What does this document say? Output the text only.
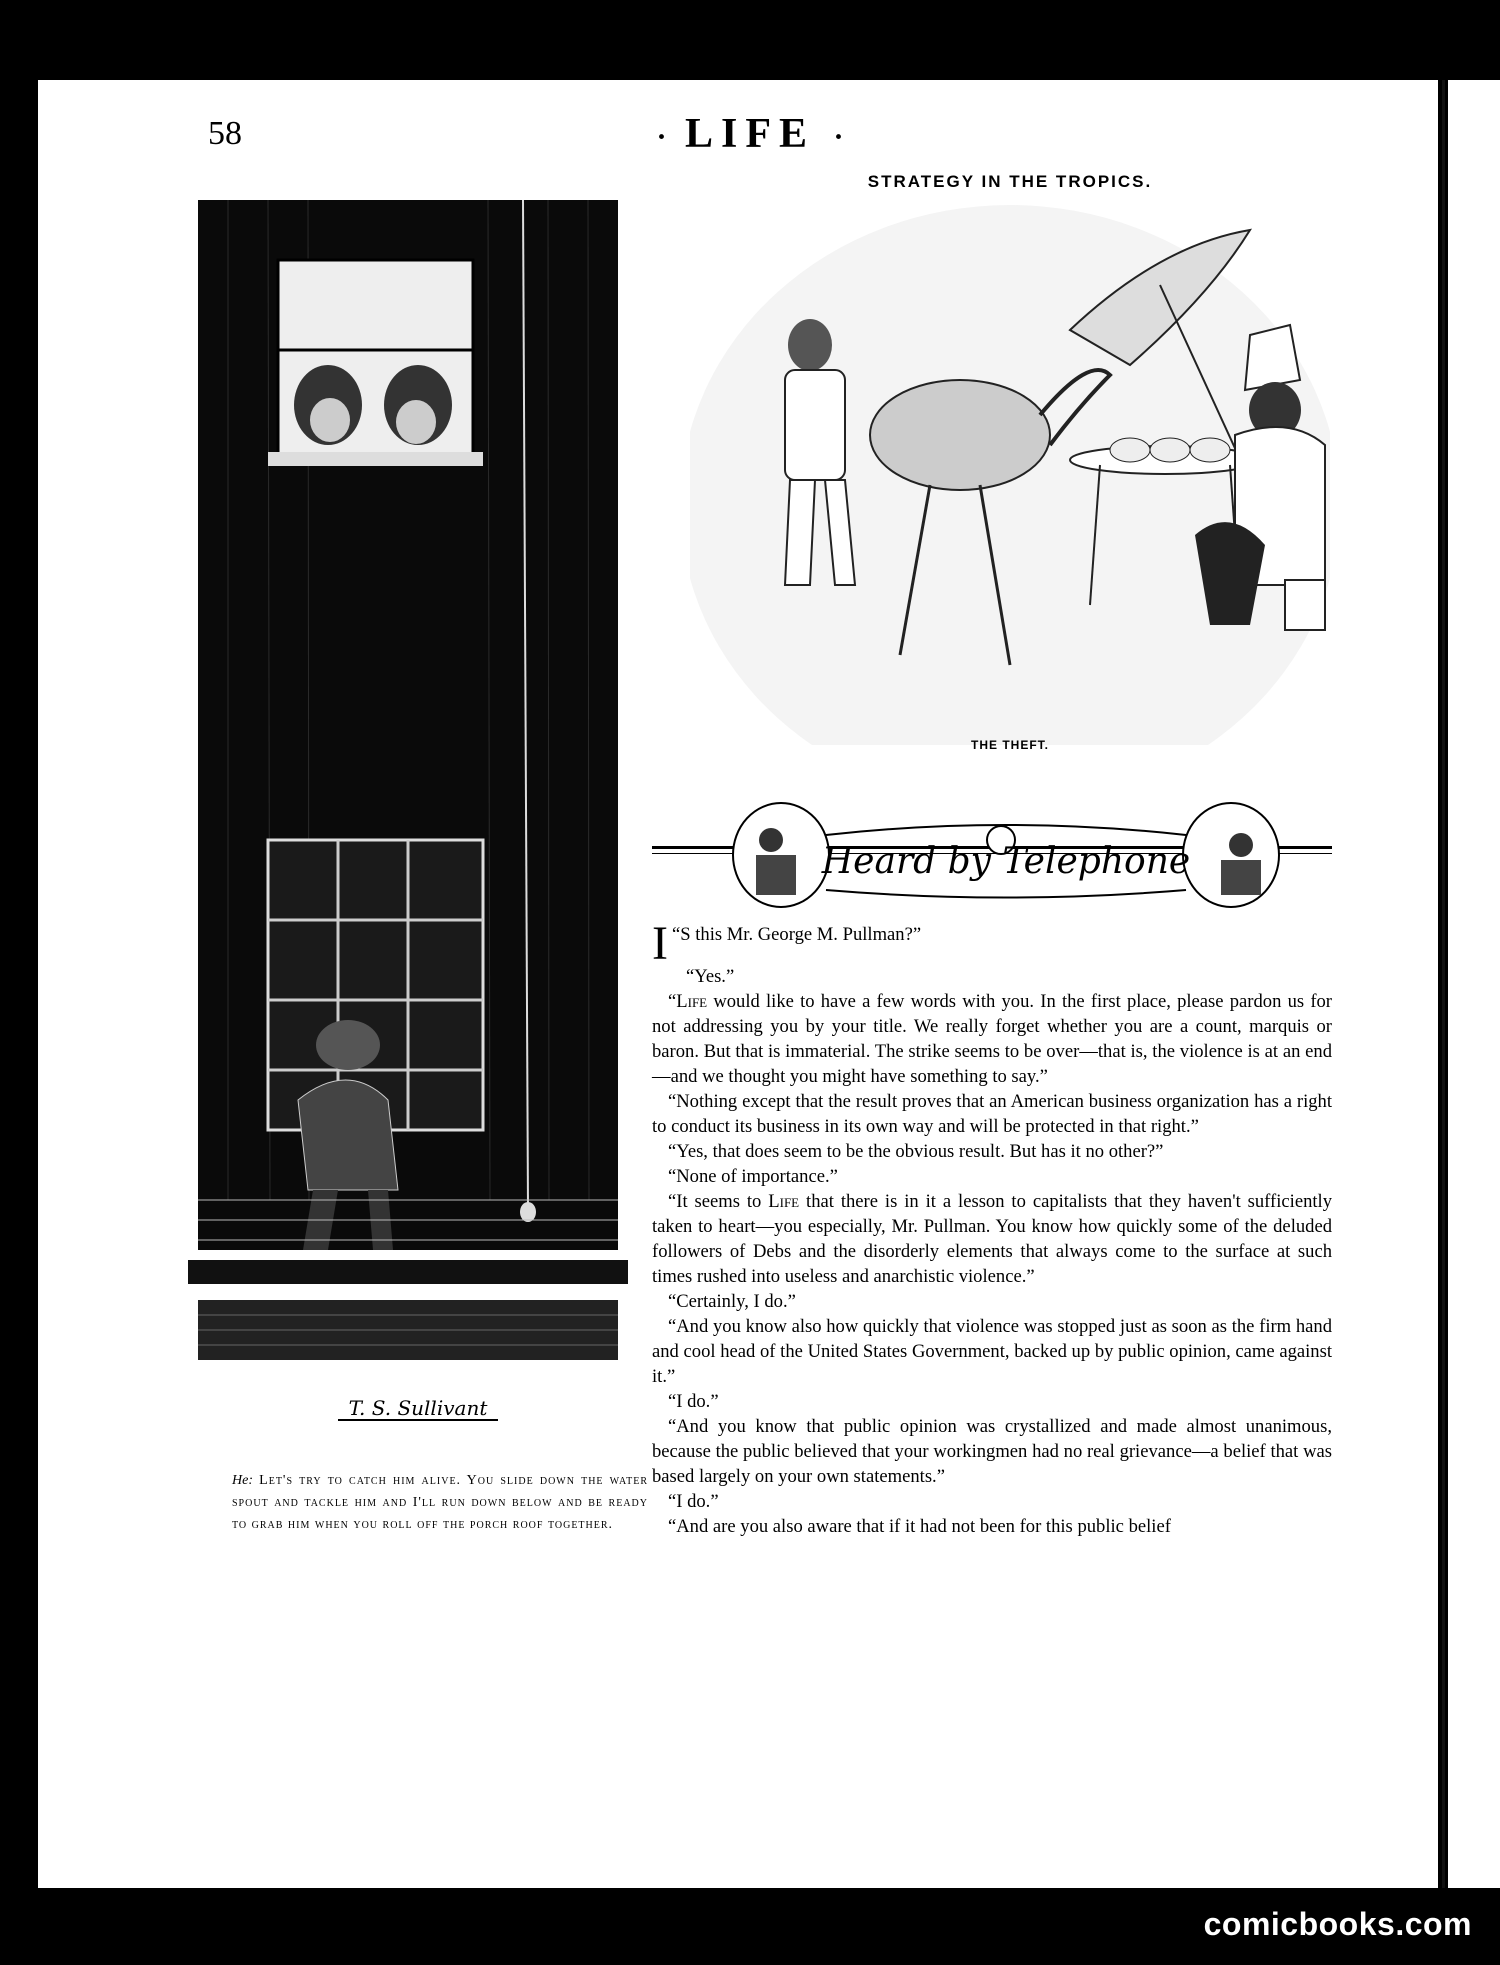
58	· LIFE ·
T. S. Sullivant
He: Let's try to catch him alive. You slide down the water spout and tackle him and I'll run down below and be ready to grab him when you roll off the porch roof together.
STRATEGY IN THE TROPICS.
THE THEFT.
Heard by Telephone

“
I S this Mr. George M. Pullman?”

“Yes.”

“Life would like to have a few words with you. In the first place, please pardon us for not addressing you by your title. We really forget whether you are a count, marquis or baron. But that is immaterial. The strike seems to be over—that is, the violence is at an end—and we thought you might have something to say.”

“Nothing except that the result proves that an American business organization has a right to conduct its business in its own way and will be protected in that right.”

“Yes, that does seem to be the obvious result. But has it no other?”

“None of importance.”

“It seems to Life that there is in it a lesson to capitalists that they haven't sufficiently taken to heart—you especially, Mr. Pullman. You know how quickly some of the deluded followers of Debs and the disorderly elements that always come to the surface at such times rushed into useless and anarchistic violence.”

“Certainly, I do.”

“And you know also how quickly that violence was stopped just as soon as the firm hand and cool head of the United States Government, backed up by public opinion, came against it.”

“I do.”

“And you know that public opinion was crystallized and made almost unanimous, because the public believed that your workingmen had no real grievance—a belief that was based largely on your own statements.”

“I do.”

“And are you also aware that if it had not been for this public belief

comicbooks.com
